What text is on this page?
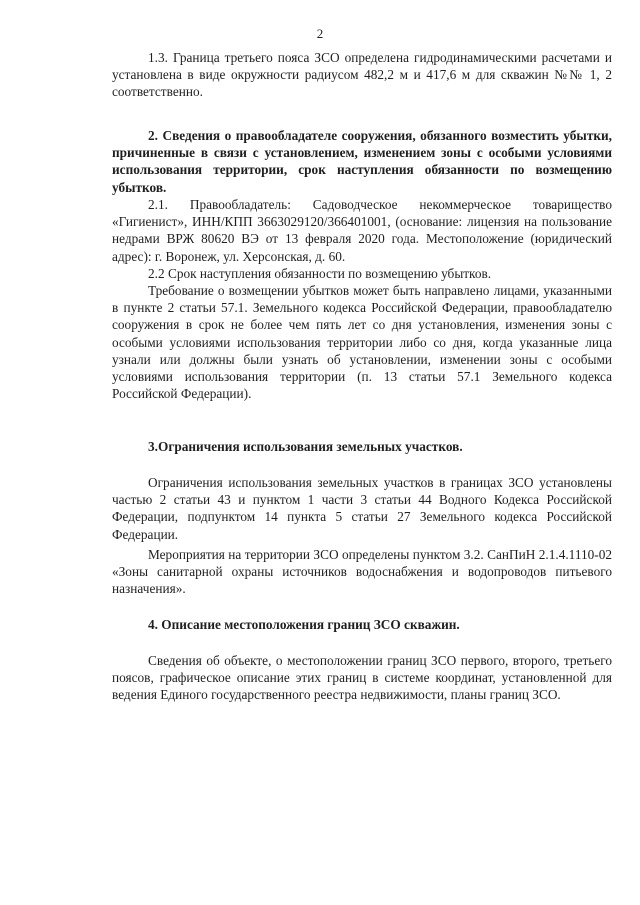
2

1.3. Граница третьего пояса ЗСО определена гидродинамическими расчетами и установлена в виде окружности радиусом 482,2 м и 417,6 м для скважин №№ 1, 2 соответственно.

2. Сведения о правообладателе сооружения, обязанного возместить убытки, причиненные в связи с установлением, изменением зоны с особыми условиями использования территории, срок наступления обязанности по возмещению убытков.

2.1. Правообладатель: Садоводческое некоммерческое товарищество «Гигиенист», ИНН/КПП 3663029120/366401001, (основание: лицензия на пользование недрами ВРЖ 80620 ВЭ от 13 февраля 2020 года. Местоположение (юридический адрес): г. Воронеж, ул. Херсонская, д. 60.

2.2 Срок наступления обязанности по возмещению убытков.

Требование о возмещении убытков может быть направлено лицами, указанными в пункте 2 статьи 57.1. Земельного кодекса Российской Федерации, правообладателю сооружения в срок не более чем пять лет со дня установления, изменения зоны с особыми условиями использования территории либо со дня, когда указанные лица узнали или должны были узнать об установлении, изменении зоны с особыми условиями использования территории (п. 13 статьи 57.1 Земельного кодекса Российской Федерации).

3.Ограничения использования земельных участков.

Ограничения использования земельных участков в границах ЗСО установлены частью 2 статьи 43 и пунктом 1 части 3 статьи 44 Водного Кодекса Российской Федерации, подпунктом 14 пункта 5 статьи 27 Земельного кодекса Российской Федерации.

Мероприятия на территории ЗСО определены пунктом 3.2. СанПиН 2.1.4.1110-02 «Зоны санитарной охраны источников водоснабжения и водопроводов питьевого назначения».

4. Описание местоположения границ ЗСО скважин.

Сведения об объекте, о местоположении границ ЗСО первого, второго, третьего поясов, графическое описание этих границ в системе координат, установленной для ведения Единого государственного реестра недвижимости, планы границ ЗСО.
